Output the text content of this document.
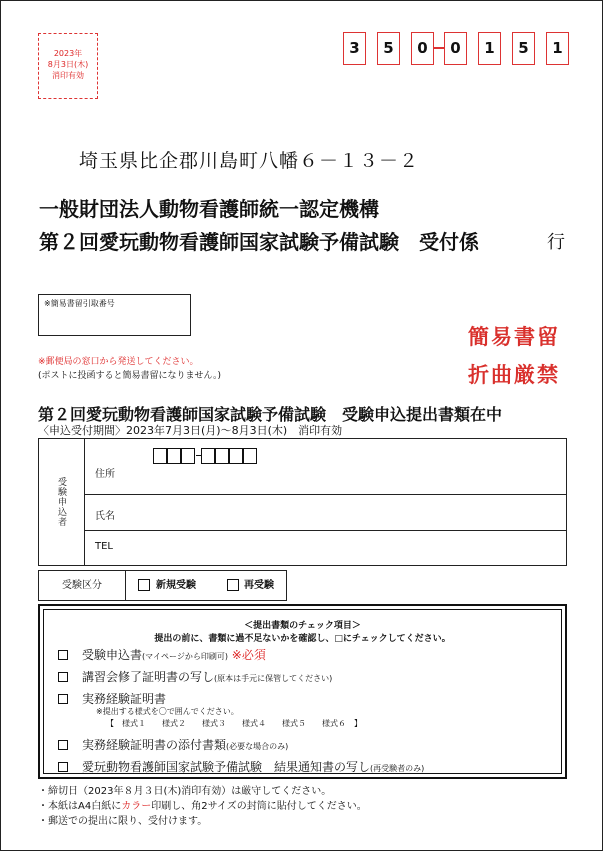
2023年
8月3日(木)
消印有効
3	5	0	0	1	5	1
埼玉県比企郡川島町八幡６－１３－２
一般財団法人動物看護師統一認定機構
第２回愛玩動物看護師国家試験予備試験　受付係	行
※簡易書留引取番号
簡易書留
折曲厳禁
※郵便局の窓口から発送してください。
(ポストに投函すると簡易書留になりません。)
第２回愛玩動物看護師国家試験予備試験　受験申込提出書類在中
〈申込受付期間〉2023年7月3日(月)～8月3日(木)　消印有効
受験申込者
住所
氏名
TEL
受験区分	新規受験	再受験
＜提出書類のチェック項目＞
提出の前に、書類に過不足ないかを確認し、□にチェックしてください。
受験申込書(マイページから印刷可) ※必須
講習会修了証明書の写し(原本は手元に保管してください)
実務経験証明書
※提出する様式を〇で囲んでください。
【　様式１　　様式２　　様式３　　様式４　　様式５　　様式６　】
実務経験証明書の添付書類(必要な場合のみ)
愛玩動物看護師国家試験予備試験　結果通知書の写し(再受験者のみ)
・締切日（2023年８月３日(木)消印有効）は厳守してください。
・本紙はA4白紙にカラー印刷し、角2サイズの封筒に貼付してください。
・郵送での提出に限り、受付けます。
